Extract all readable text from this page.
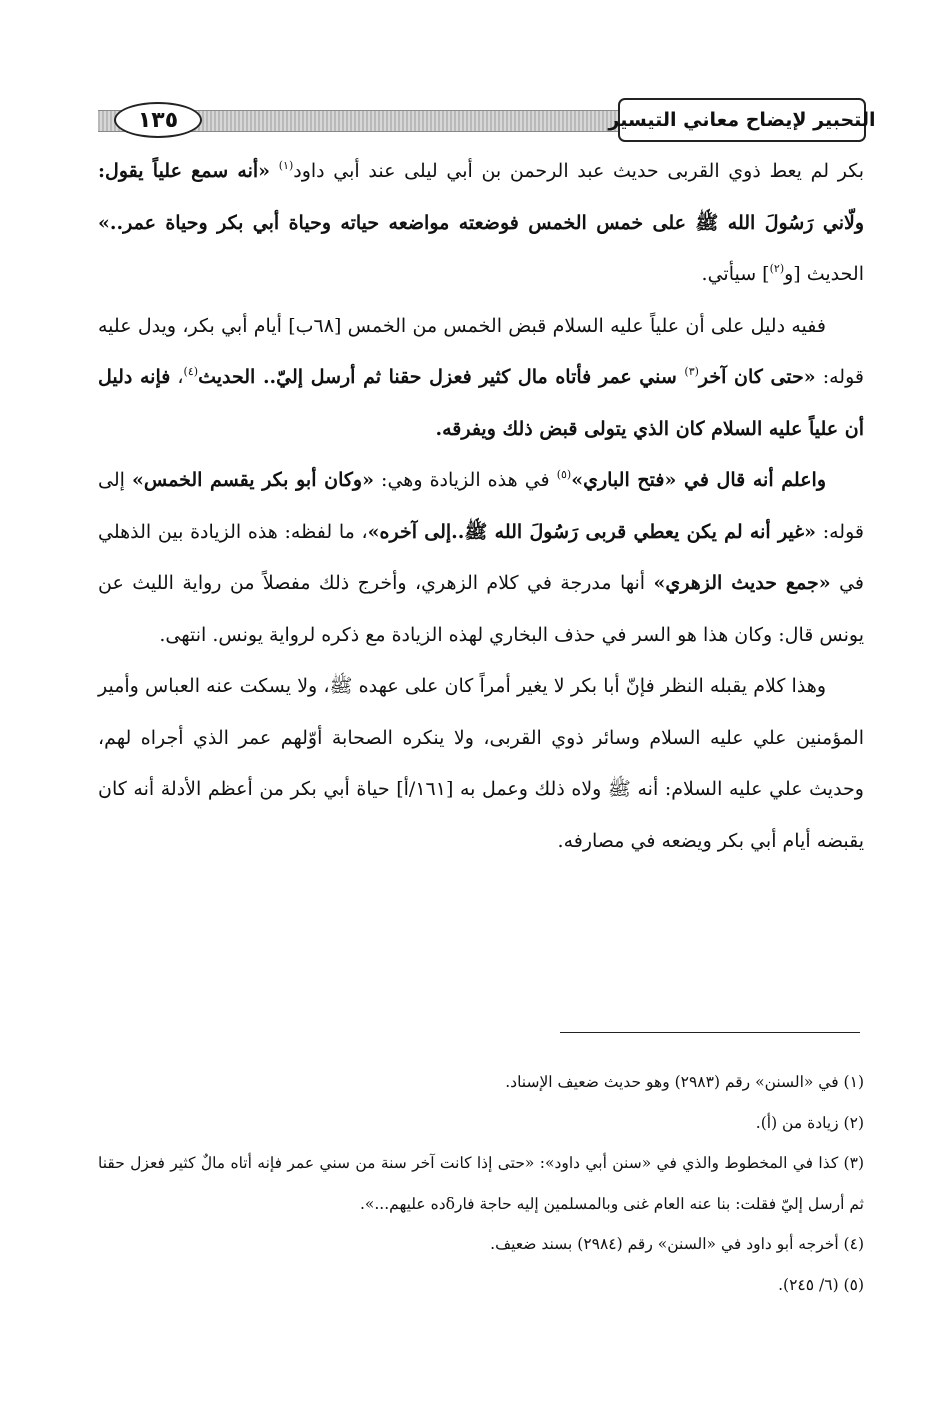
١٣٥	التحبير لإيضاح معاني التيسير

بكر لم يعط ذوي القربى حديث عبد الرحمن بن أبي ليلى عند أبي داود$^{(١)}$ «أنه سمع علياً يقول: ولّاني رَسُولَ الله ﷺ على خمس الخمس فوضعته مواضعه حياته وحياة أبي بكر وحياة عمر..» الحديث [و$^{(٢)}$] سيأتي.

ففيه دليل على أن علياً عليه السلام قبض الخمس من الخمس [٦٨ب] أيام أبي بكر، ويدل عليه قوله: «حتى كان آخر$^{(٣)}$ سني عمر فأتاه مال كثير فعزل حقنا ثم أرسل إليّ.. الحديث$^{(٤)}$، فإنه دليل أن علياً عليه السلام كان الذي يتولى قبض ذلك ويفرقه.

واعلم أنه قال في «فتح الباري»$^{(٥)}$ في هذه الزيادة وهي: «وكان أبو بكر يقسم الخمس» إلى قوله: «غير أنه لم يكن يعطي قربى رَسُولَ الله ﷺ..إلى آخره»، ما لفظه: هذه الزيادة بين الذهلي في «جمع حديث الزهري» أنها مدرجة في كلام الزهري، وأخرج ذلك مفصلاً من رواية الليث عن يونس قال: وكان هذا هو السر في حذف البخاري لهذه الزيادة مع ذكره لرواية يونس. انتهى.

وهذا كلام يقبله النظر فإنّ أبا بكر لا يغير أمراً كان على عهده ﷺ، ولا يسكت عنه العباس وأمير المؤمنين علي عليه السلام وسائر ذوي القربى، ولا ينكره الصحابة أوّلهم عمر الذي أجراه لهم، وحديث علي عليه السلام: أنه ﷺ ولاه ذلك وعمل به [١٦١/أ] حياة أبي بكر من أعظم الأدلة أنه كان يقبضه أيام أبي بكر ويضعه في مصارفه.

(١) في «السنن» رقم (٢٩٨٣) وهو حديث ضعيف الإسناد.

(٢) زيادة من (أ).

(٣) كذا في المخطوط والذي في «سنن أبي داود»: «حتى إذا كانت آخر سنة من سني عمر فإنه أتاه مالٌ كثير فعزل حقنا ثم أرسل إليّ فقلت: بنا عنه العام غنى وبالمسلمين إليه حاجة فارδده عليهم...».

(٤) أخرجه أبو داود في «السنن» رقم (٢٩٨٤) بسند ضعيف.

(٥) (٦/ ٢٤٥).
